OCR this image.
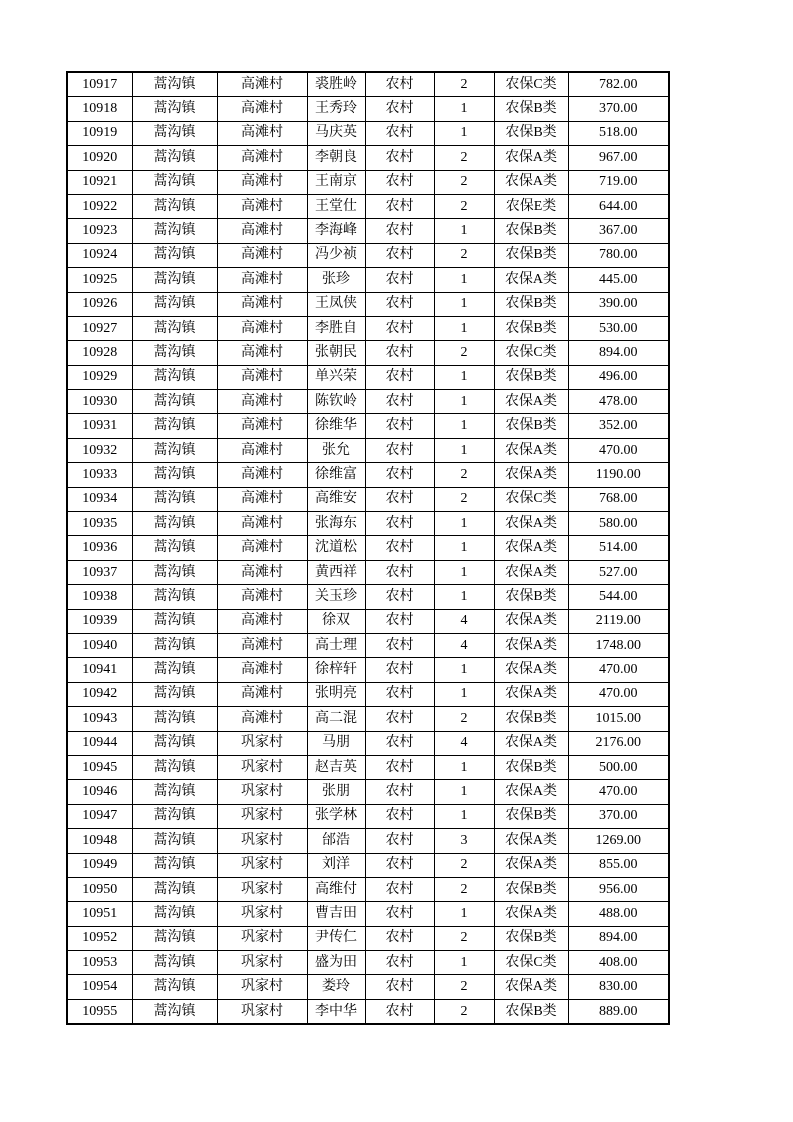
10917	蒿沟镇	高滩村	裘胜岭	农村	2	农保C类	782.00
10918	蒿沟镇	高滩村	王秀玲	农村	1	农保B类	370.00
10919	蒿沟镇	高滩村	马庆英	农村	1	农保B类	518.00
10920	蒿沟镇	高滩村	李朝良	农村	2	农保A类	967.00
10921	蒿沟镇	高滩村	王南京	农村	2	农保A类	719.00
10922	蒿沟镇	高滩村	王堂仕	农村	2	农保E类	644.00
10923	蒿沟镇	高滩村	李海峰	农村	1	农保B类	367.00
10924	蒿沟镇	高滩村	冯少祯	农村	2	农保B类	780.00
10925	蒿沟镇	高滩村	张珍	农村	1	农保A类	445.00
10926	蒿沟镇	高滩村	王凤侠	农村	1	农保B类	390.00
10927	蒿沟镇	高滩村	李胜自	农村	1	农保B类	530.00
10928	蒿沟镇	高滩村	张朝民	农村	2	农保C类	894.00
10929	蒿沟镇	高滩村	单兴荣	农村	1	农保B类	496.00
10930	蒿沟镇	高滩村	陈钦岭	农村	1	农保A类	478.00
10931	蒿沟镇	高滩村	徐维华	农村	1	农保B类	352.00
10932	蒿沟镇	高滩村	张允	农村	1	农保A类	470.00
10933	蒿沟镇	高滩村	徐维富	农村	2	农保A类	1190.00
10934	蒿沟镇	高滩村	高维安	农村	2	农保C类	768.00
10935	蒿沟镇	高滩村	张海东	农村	1	农保A类	580.00
10936	蒿沟镇	高滩村	沈道松	农村	1	农保A类	514.00
10937	蒿沟镇	高滩村	黄西祥	农村	1	农保A类	527.00
10938	蒿沟镇	高滩村	关玉珍	农村	1	农保B类	544.00
10939	蒿沟镇	高滩村	徐双	农村	4	农保A类	2119.00
10940	蒿沟镇	高滩村	高士理	农村	4	农保A类	1748.00
10941	蒿沟镇	高滩村	徐梓轩	农村	1	农保A类	470.00
10942	蒿沟镇	高滩村	张明亮	农村	1	农保A类	470.00
10943	蒿沟镇	高滩村	高二混	农村	2	农保B类	1015.00
10944	蒿沟镇	巩家村	马朋	农村	4	农保A类	2176.00
10945	蒿沟镇	巩家村	赵吉英	农村	1	农保B类	500.00
10946	蒿沟镇	巩家村	张朋	农村	1	农保A类	470.00
10947	蒿沟镇	巩家村	张学林	农村	1	农保B类	370.00
10948	蒿沟镇	巩家村	邰浩	农村	3	农保A类	1269.00
10949	蒿沟镇	巩家村	刘洋	农村	2	农保A类	855.00
10950	蒿沟镇	巩家村	高维付	农村	2	农保B类	956.00
10951	蒿沟镇	巩家村	曹吉田	农村	1	农保A类	488.00
10952	蒿沟镇	巩家村	尹传仁	农村	2	农保B类	894.00
10953	蒿沟镇	巩家村	盛为田	农村	1	农保C类	408.00
10954	蒿沟镇	巩家村	娄玲	农村	2	农保A类	830.00
10955	蒿沟镇	巩家村	李中华	农村	2	农保B类	889.00
